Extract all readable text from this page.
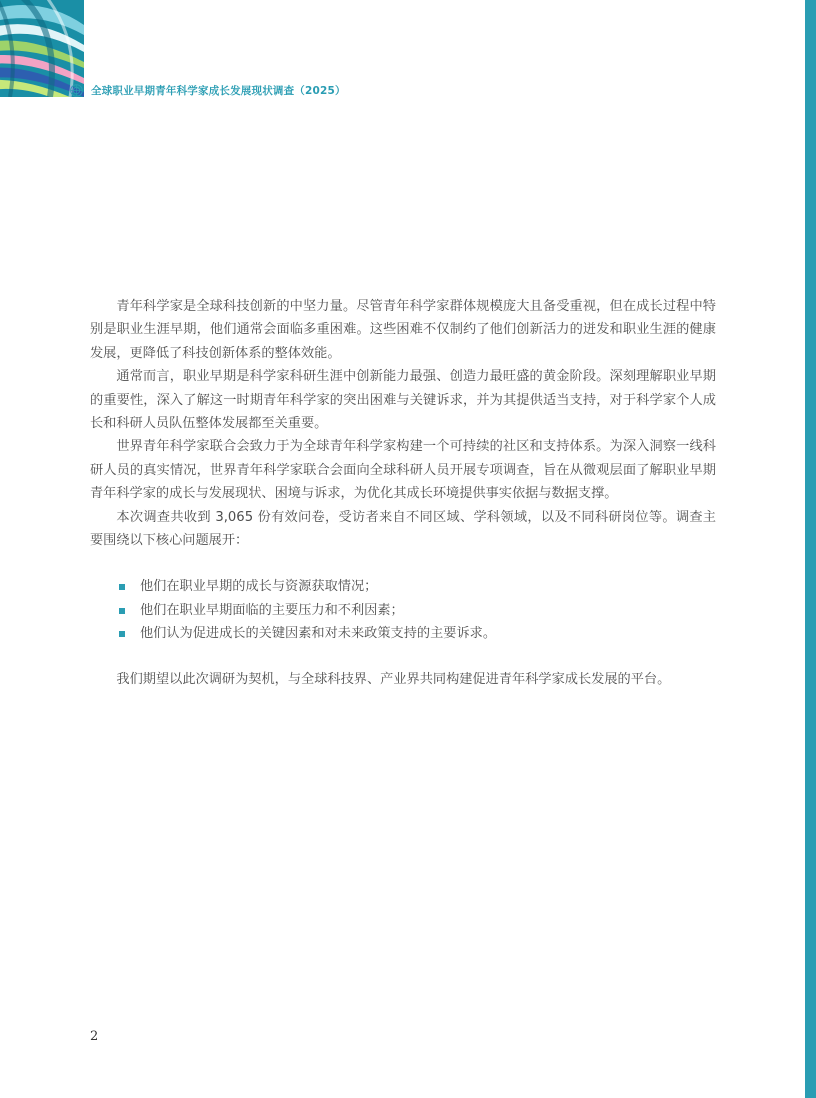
全球职业早期青年科学家成长发展现状调查（2025）

青年科学家是全球科技创新的中坚力量。尽管青年科学家群体规模庞大且备受重视，但在成长过程中特别是职业生涯早期，他们通常会面临多重困难。这些困难不仅制约了他们创新活力的迸发和职业生涯的健康发展，更降低了科技创新体系的整体效能。

通常而言，职业早期是科学家科研生涯中创新能力最强、创造力最旺盛的黄金阶段。深刻理解职业早期的重要性，深入了解这一时期青年科学家的突出困难与关键诉求，并为其提供适当支持，对于科学家个人成长和科研人员队伍整体发展都至关重要。

世界青年科学家联合会致力于为全球青年科学家构建一个可持续的社区和支持体系。为深入洞察一线科研人员的真实情况，世界青年科学家联合会面向全球科研人员开展专项调查，旨在从微观层面了解职业早期青年科学家的成长与发展现状、困境与诉求，为优化其成长环境提供事实依据与数据支撑。

本次调查共收到 3,065 份有效问卷，受访者来自不同区域、学科领域，以及不同科研岗位等。调查主要围绕以下核心问题展开：

他们在职业早期的成长与资源获取情况；
他们在职业早期面临的主要压力和不利因素；
他们认为促进成长的关键因素和对未来政策支持的主要诉求。

我们期望以此次调研为契机，与全球科技界、产业界共同构建促进青年科学家成长发展的平台。

2
